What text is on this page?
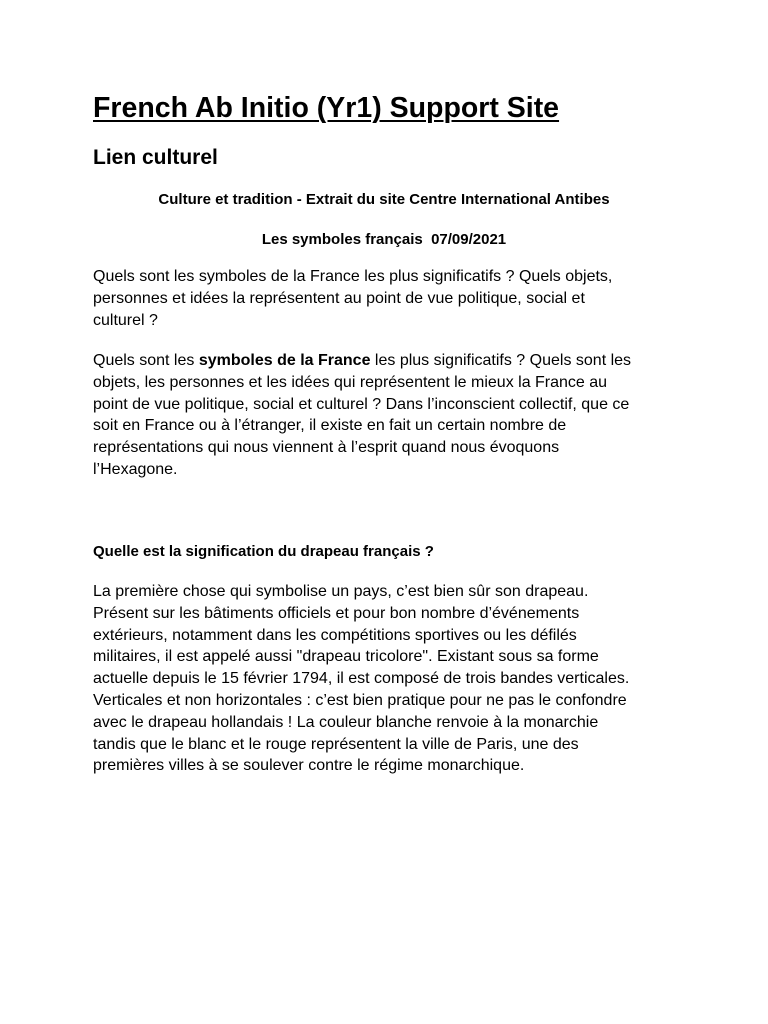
French Ab Initio (Yr1) Support Site
Lien culturel

Culture et tradition - Extrait du site Centre International Antibes

Les symboles français  07/09/2021

Quels sont les symboles de la France les plus significatifs ? Quels objets,
personnes et idées la représentent au point de vue politique, social et
culturel ?

Quels sont les symboles de la France les plus significatifs ? Quels sont les
objets, les personnes et les idées qui représentent le mieux la France au
point de vue politique, social et culturel ? Dans l’inconscient collectif, que ce
soit en France ou à l’étranger, il existe en fait un certain nombre de
représentations qui nous viennent à l’esprit quand nous évoquons
l’Hexagone.

Quelle est la signification du drapeau français ?

La première chose qui symbolise un pays, c’est bien sûr son drapeau.
Présent sur les bâtiments officiels et pour bon nombre d’événements
extérieurs, notamment dans les compétitions sportives ou les défilés
militaires, il est appelé aussi "drapeau tricolore". Existant sous sa forme
actuelle depuis le 15 février 1794, il est composé de trois bandes verticales.
Verticales et non horizontales : c’est bien pratique pour ne pas le confondre
avec le drapeau hollandais ! La couleur blanche renvoie à la monarchie
tandis que le blanc et le rouge représentent la ville de Paris, une des
premières villes à se soulever contre le régime monarchique.
